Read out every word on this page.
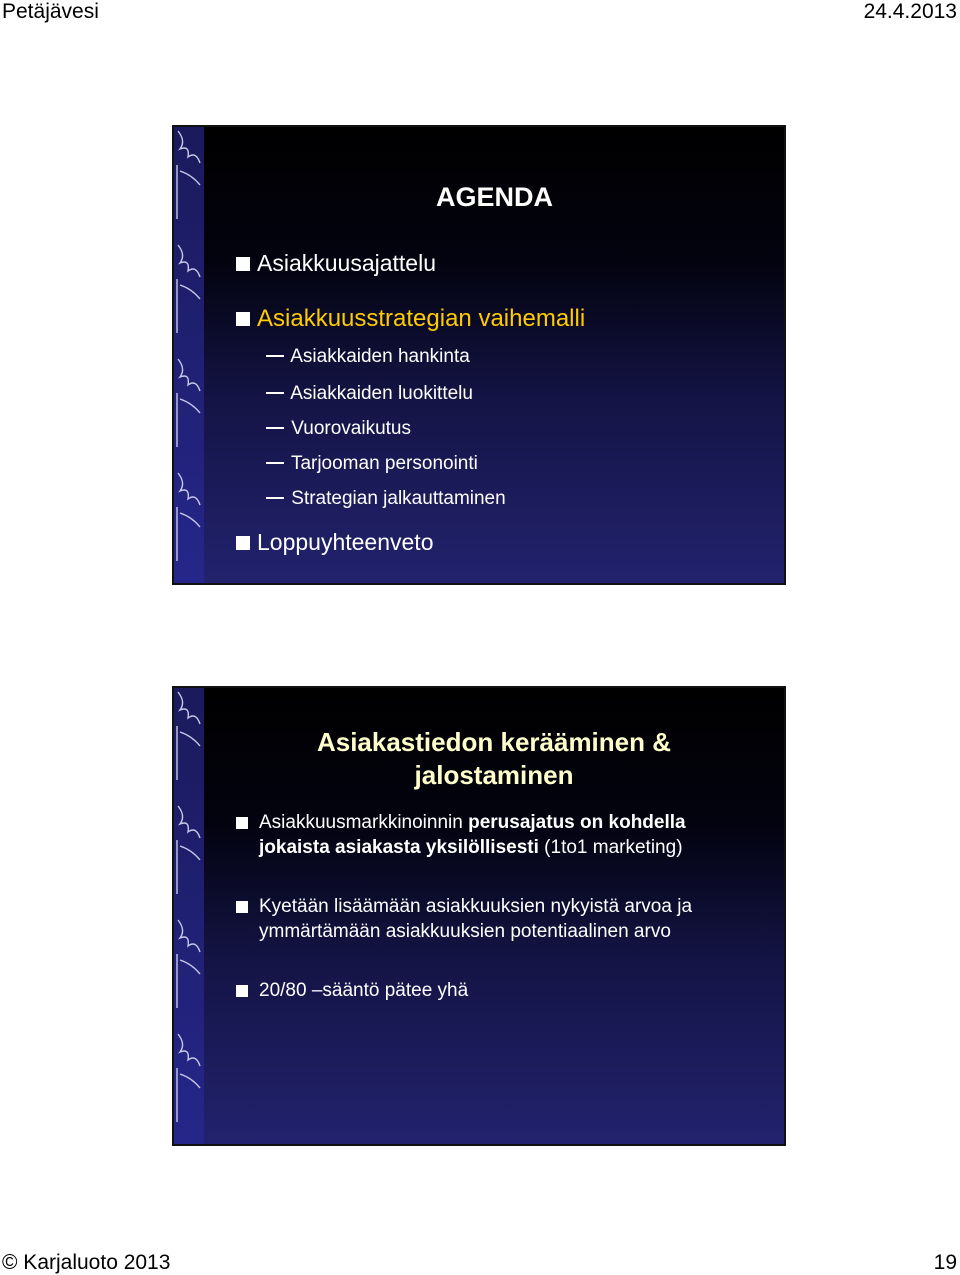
Petäjävesi	24.4.2013
AGENDA
Asiakkuusajattelu
Asiakkuusstrategian vaihemalli
Asiakkaiden hankinta
Asiakkaiden luokittelu
Vuorovaikutus
Tarjooman personointi
Strategian jalkauttaminen
Loppuyhteenveto
Asiakastiedon kerääminen &
jalostaminen
Asiakkuusmarkkinoinnin perusajatus on kohdella
jokaista asiakasta yksilöllisesti (1to1 marketing)
Kyetään lisäämään asiakkuuksien nykyistä arvoa ja
ymmärtämään asiakkuuksien potentiaalinen arvo
20/80 –sääntö pätee yhä
© Karjaluoto 2013	19
